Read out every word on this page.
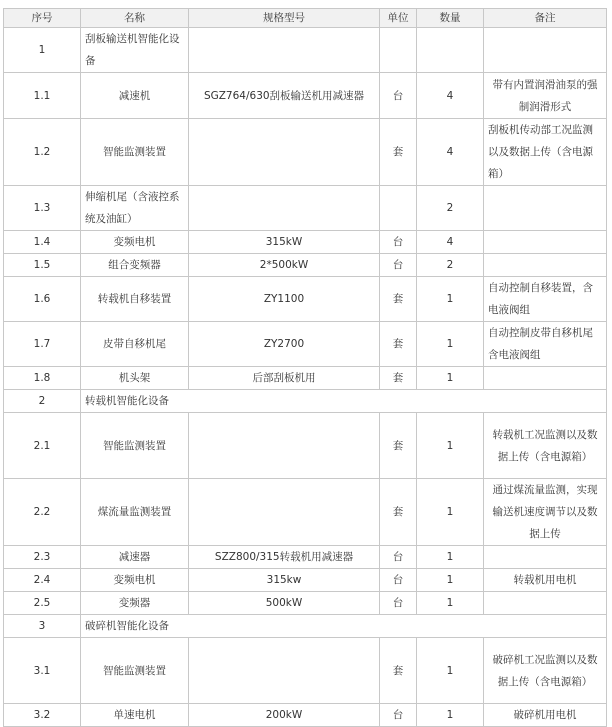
序号	名称	规格型号	单位	数量	备注
1	刮板输送机智能化设备				
1.1	减速机	SGZ764/630刮板输送机用减速器	台	4	带有内置润滑油泵的强制润滑形式
1.2	智能监测装置		套	4	刮板机传动部工况监测以及数据上传（含电源箱）
1.3	伸缩机尾（含液控系统及油缸）			2	
1.4	变频电机	315kW	台	4	
1.5	组合变频器	2*500kW	台	2	
1.6	转载机自移装置	ZY1100	套	1	自动控制自移装置，含电液阀组
1.7	皮带自移机尾	ZY2700	套	1	自动控制皮带自移机尾含电液阀组
1.8	机头架	后部刮板机用	套	1	
2	转载机智能化设备				
2.1	智能监测装置		套	1	转载机工况监测以及数据上传（含电源箱）
2.2	煤流量监测装置		套	1	通过煤流量监测，实现输送机速度调节以及数据上传
2.3	减速器	SZZ800/315转载机用减速器	台	1	
2.4	变频电机	315kw	台	1	转载机用电机
2.5	变频器	500kW	台	1	
3	破碎机智能化设备				
3.1	智能监测装置		套	1	破碎机工况监测以及数据上传（含电源箱）
3.2	单速电机	200kW	台	1	破碎机用电机
